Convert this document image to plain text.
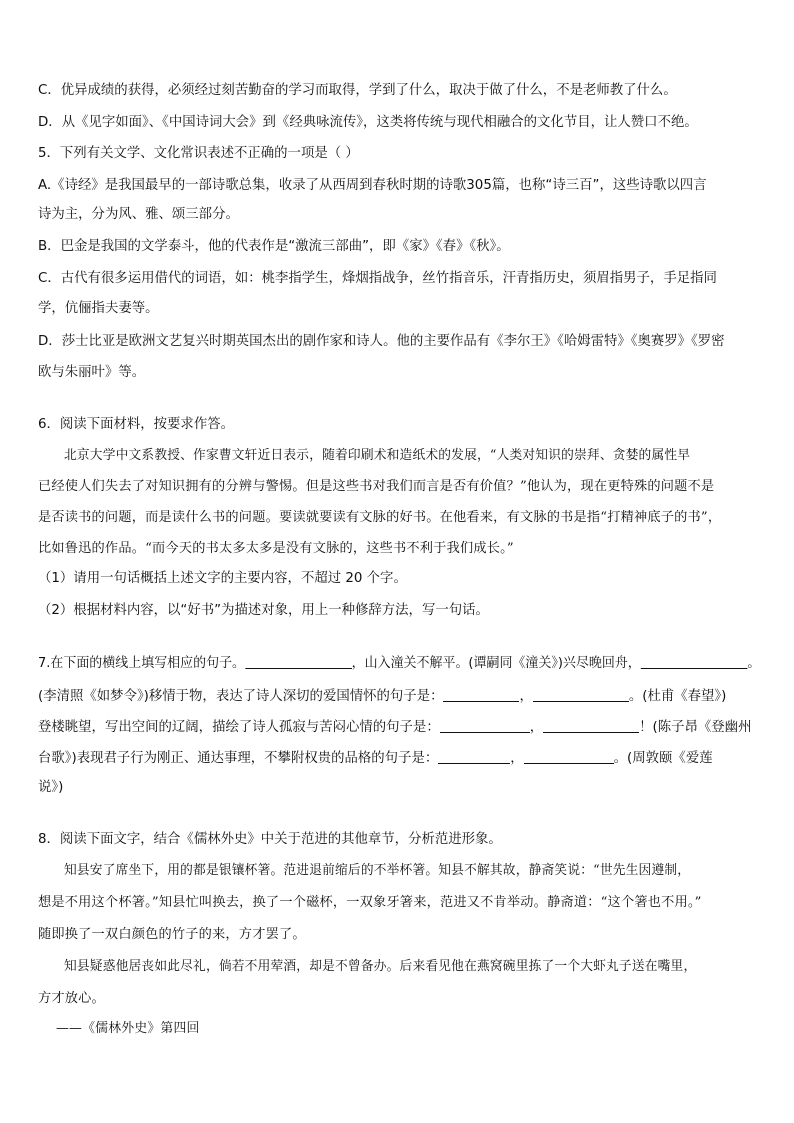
C．优异成绩的获得，必须经过刻苦勤奋的学习而取得，学到了什么，取决于做了什么，不是老师教了什么。
D．从《见字如面》、《中国诗词大会》到《经典咏流传》，这类将传统与现代相融合的文化节目，让人赞口不绝。
5．下列有关文学、文化常识表述不正确的一项是（ ）
A.《诗经》是我国最早的一部诗歌总集，收录了从西周到春秋时期的诗歌305篇，也称“诗三百”，这些诗歌以四言
诗为主，分为风、雅、颂三部分。
B．巴金是我国的文学泰斗，他的代表作是“激流三部曲”，即《家》《春》《秋》。
C．古代有很多运用借代的词语，如：桃李指学生，烽烟指战争，丝竹指音乐，汗青指历史，须眉指男子，手足指同
学，伉俪指夫妻等。
D．莎士比亚是欧洲文艺复兴时期英国杰出的剧作家和诗人。他的主要作品有《李尔王》《哈姆雷特》《奥赛罗》《罗密
欧与朱丽叶》等。
6．阅读下面材料，按要求作答。
北京大学中文系教授、作家曹文轩近日表示，随着印刷术和造纸术的发展，“人类对知识的崇拜、贪婪的属性早
已经使人们失去了对知识拥有的分辨与警惕。但是这些书对我们而言是否有价值？”他认为，现在更特殊的问题不是
是否读书的问题，而是读什么书的问题。要读就要读有文脉的好书。在他看来，有文脉的书是指“打精神底子的书”，
比如鲁迅的作品。“而今天的书太多太多是没有文脉的，这些书不利于我们成长。”
（1）请用一句话概括上述文字的主要内容，不超过 20 个字。
（2）根据材料内容，以“好书”为描述对象，用上一种修辞方法，写一句话。
7.在下面的横线上填写相应的句子。	，山入潼关不解平。(谭嗣同《潼关》)兴尽晚回舟，	。
(李清照《如梦令》)移情于物，表达了诗人深切的爱国情怀的句子是：	，	。(杜甫《春望》)
登楼眺望，写出空间的辽阔，描绘了诗人孤寂与苦闷心情的句子是：	，	！(陈子昂《登幽州
台歌》)表现君子行为刚正、通达事理，不攀附权贵的品格的句子是：	，	。(周敦颐《爱莲
说》)
8．阅读下面文字，结合《儒林外史》中关于范进的其他章节，分析范进形象。
知县安了席坐下，用的都是银镶杯箸。范进退前缩后的不举杯箸。知县不解其故，静斋笑说：“世先生因遵制，
想是不用这个杯箸。”知县忙叫换去，换了一个磁杯，一双象牙箸来，范进又不肯举动。静斋道：“这个箸也不用。”
随即换了一双白颜色的竹子的来，方才罢了。
知县疑惑他居丧如此尽礼，倘若不用荤酒，却是不曾备办。后来看见他在燕窝碗里拣了一个大虾丸子送在嘴里，
方才放心。
——《儒林外史》第四回
